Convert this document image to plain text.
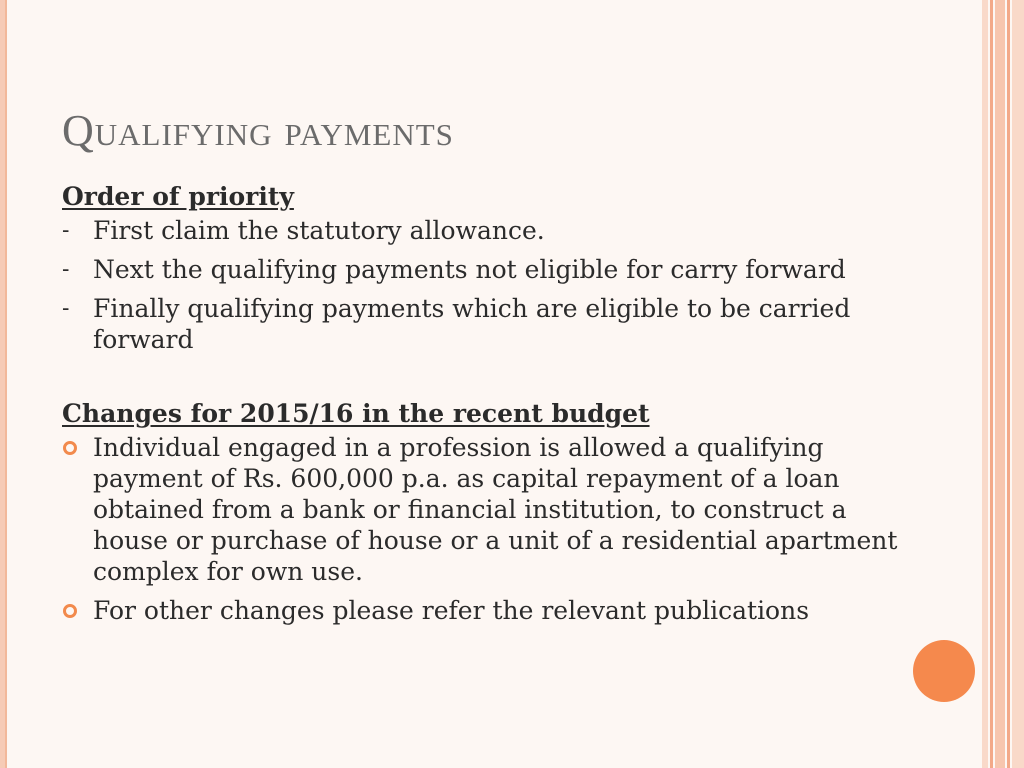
Qualifying payments
Order of priority
- First claim the statutory allowance.
- Next the qualifying payments not eligible for carry forward
- Finally qualifying payments which are eligible to be carried forward
Changes for 2015/16 in the recent budget
Individual engaged in a profession is allowed a qualifying payment of Rs. 600,000 p.a. as capital repayment of a loan obtained from a bank or financial institution, to construct a house or purchase of house or a unit of a residential apartment complex for own use.
For other changes please refer the relevant publications
